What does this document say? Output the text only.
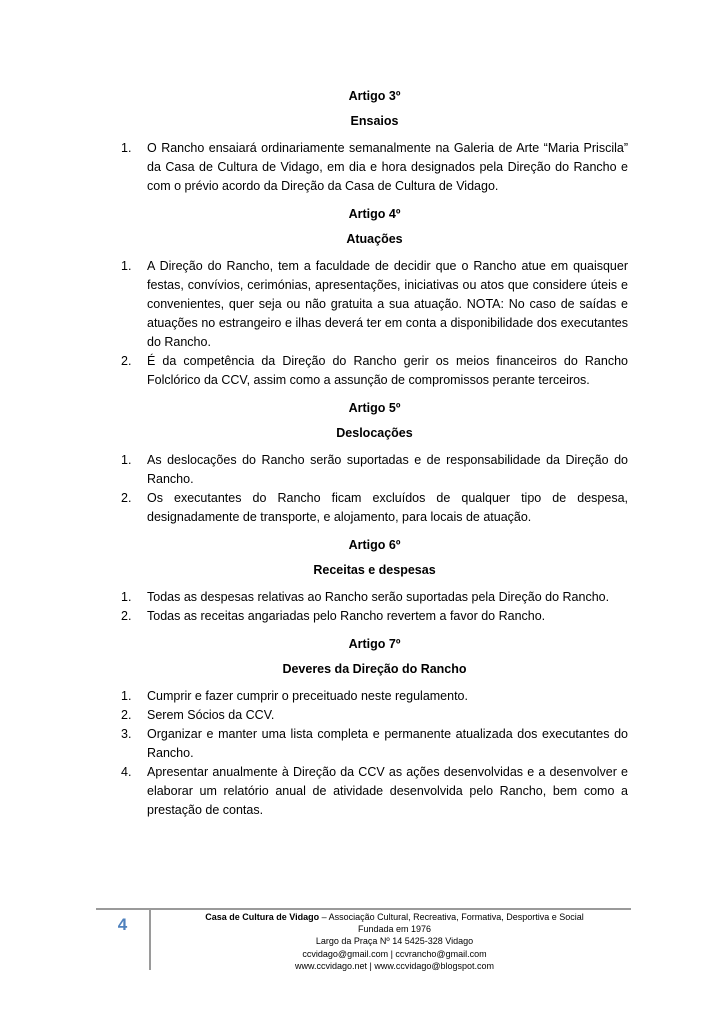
Artigo 3º

Ensaios

1. O Rancho ensaiará ordinariamente semanalmente na Galeria de Arte “Maria Priscila” da Casa de Cultura de Vidago, em dia e hora designados pela Direção do Rancho e com o prévio acordo da Direção da Casa de Cultura de Vidago.

Artigo 4º

Atuações

1. A Direção do Rancho, tem a faculdade de decidir que o Rancho atue em quaisquer festas, convívios, cerimónias, apresentações, iniciativas ou atos que considere úteis e convenientes, quer seja ou não gratuita a sua atuação. NOTA: No caso de saídas e atuações no estrangeiro e ilhas deverá ter em conta a disponibilidade dos executantes do Rancho.
2. É da competência da Direção do Rancho gerir os meios financeiros do Rancho Folclórico da CCV, assim como a assunção de compromissos perante terceiros.

Artigo 5º

Deslocações

1. As deslocações do Rancho serão suportadas e de responsabilidade da Direção do Rancho.
2. Os executantes do Rancho ficam excluídos de qualquer tipo de despesa, designadamente de transporte, e alojamento, para locais de atuação.

Artigo 6º

Receitas e despesas

1. Todas as despesas relativas ao Rancho serão suportadas pela Direção do Rancho.
2. Todas as receitas angariadas pelo Rancho revertem a favor do Rancho.

Artigo 7º

Deveres da Direção do Rancho

1. Cumprir e fazer cumprir o preceituado neste regulamento.
2. Serem Sócios da CCV.
3. Organizar e manter uma lista completa e permanente atualizada dos executantes do Rancho.
4. Apresentar anualmente à Direção da CCV as ações desenvolvidas e a desenvolver e elaborar um relatório anual de atividade desenvolvida pelo Rancho, bem como a prestação de contas.
4	Casa de Cultura de Vidago – Associação Cultural, Recreativa, Formativa, Desportiva e Social
Fundada em 1976
Largo da Praça Nº 14 5425-328 Vidago
ccvidago@gmail.com | ccvrancho@gmail.com
www.ccvidago.net | www.ccvidago@blogspot.com
